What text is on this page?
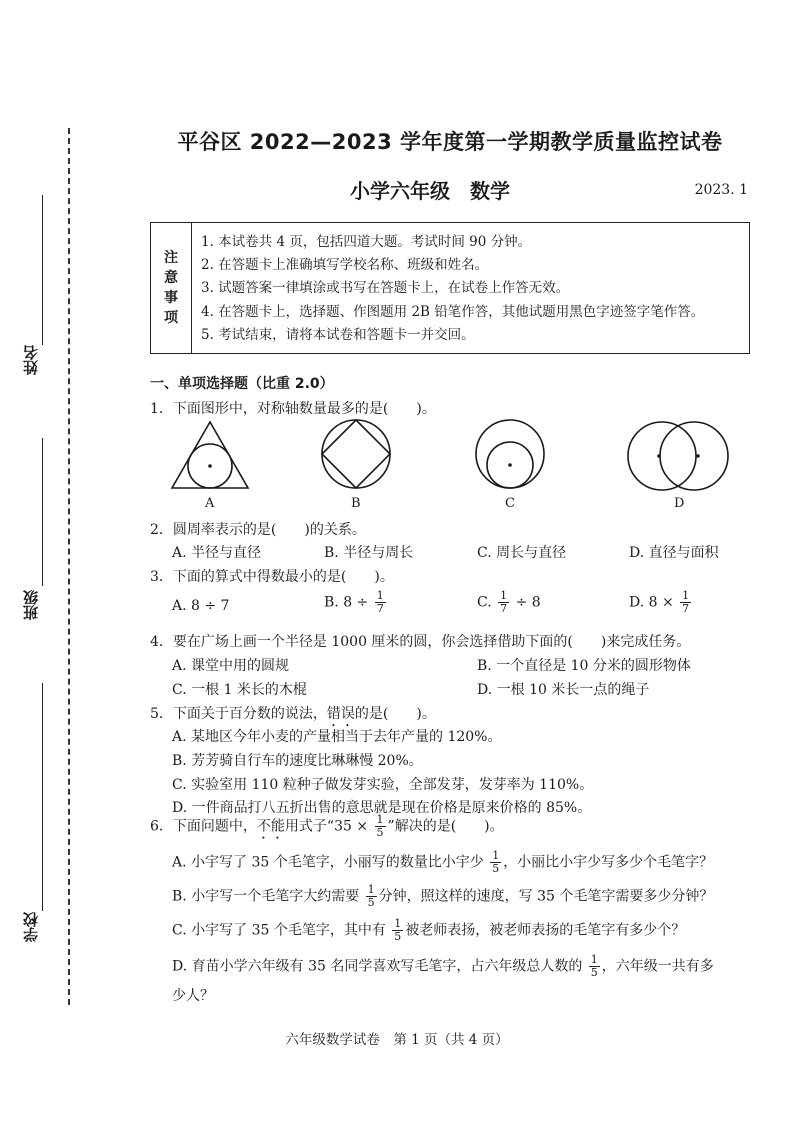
姓名
班级
学校
平谷区 2022—2023 学年度第一学期教学质量监控试卷
小学六年级　数学	2023. 1
注
意
事
项
1. 本试卷共 4 页，包括四道大题。考试时间 90 分钟。
2. 在答题卡上准确填写学校名称、班级和姓名。
3. 试题答案一律填涂或书写在答题卡上，在试卷上作答无效。
4. 在答题卡上，选择题、作图题用 2B 铅笔作答，其他试题用黑色字迹签字笔作答。
5. 考试结束，请将本试卷和答题卡一并交回。
一、单项选择题（比重 2.0）
1．下面图形中，对称轴数量最多的是(　　)。
A	B	C	D
2．圆周率表示的是(　　)的关系。
A. 半径与直径	B. 半径与周长	C. 周长与直径	D. 直径与面积
3．下面的算式中得数最小的是(　　)。
A. 8 ÷ 7	B. $8 \div \frac{1}{7}$	C. $\frac{1}{7} \div 8$	D. $8 \times \frac{1}{7}$
4．要在广场上画一个半径是 1000 厘米的圆，你会选择借助下面的(　　)来完成任务。
A. 课堂中用的圆规	B. 一个直径是 10 分米的圆形物体
C. 一根 1 米长的木棍	D. 一根 10 米长一点的绳子
5．下面关于百分数的说法，错误的是(　　)。
A. 某地区今年小麦的产量相当于去年产量的 120%。
B. 芳芳骑自行车的速度比琳琳慢 20%。
C. 实验室用 110 粒种子做发芽实验，全部发芽，发芽率为 110%。
D. 一件商品打八五折出售的意思就是现在价格是原来价格的 85%。
6．下面问题中，不能用式子“$35 \times \frac{1}{5}$ ”解决的是(　　)。
A. 小宇写了 35 个毛笔字，小丽写的数量比小宇少 $\frac{1}{5}$ ，小丽比小宇少写多少个毛笔字？
B. 小宇写一个毛笔字大约需要 $\frac{1}{5}$ 分钟，照这样的速度，写 35 个毛笔字需要多少分钟？
C. 小宇写了 35 个毛笔字，其中有 $\frac{1}{5}$ 被老师表扬，被老师表扬的毛笔字有多少个？
D. 育苗小学六年级有 35 名同学喜欢写毛笔字，占六年级总人数的 $\frac{1}{5}$ ，六年级一共有多
少人？
六年级数学试卷　第 1 页（共 4 页）
